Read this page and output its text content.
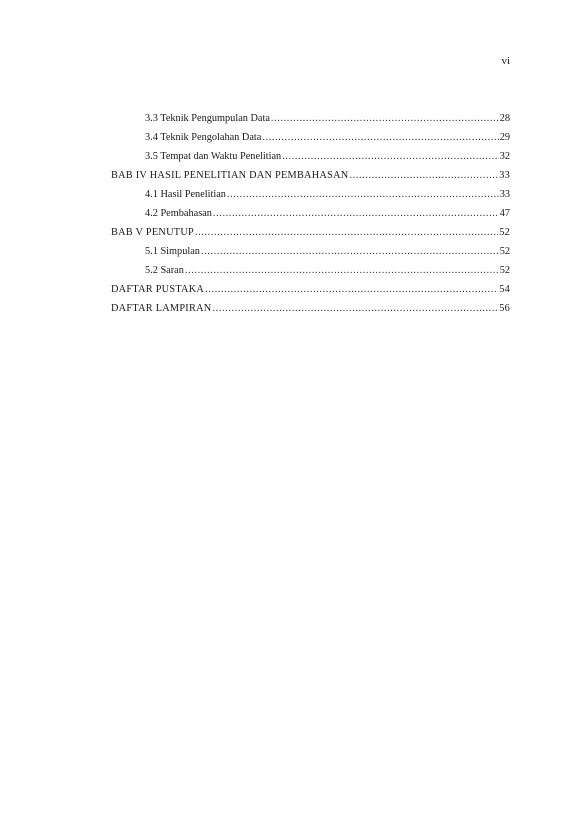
vi
3.3 Teknik Pengumpulan Data .....	28
3.4 Teknik Pengolahan Data .....	29
3.5 Tempat dan Waktu Penelitian .....	32
BAB IV HASIL PENELITIAN DAN PEMBAHASAN .....	33
4.1 Hasil Penelitian .....	33
4.2 Pembahasan .....	47
BAB V PENUTUP .....	52
5.1 Simpulan .....	52
5.2 Saran .....	52
DAFTAR PUSTAKA .....	54
DAFTAR LAMPIRAN .....	56
